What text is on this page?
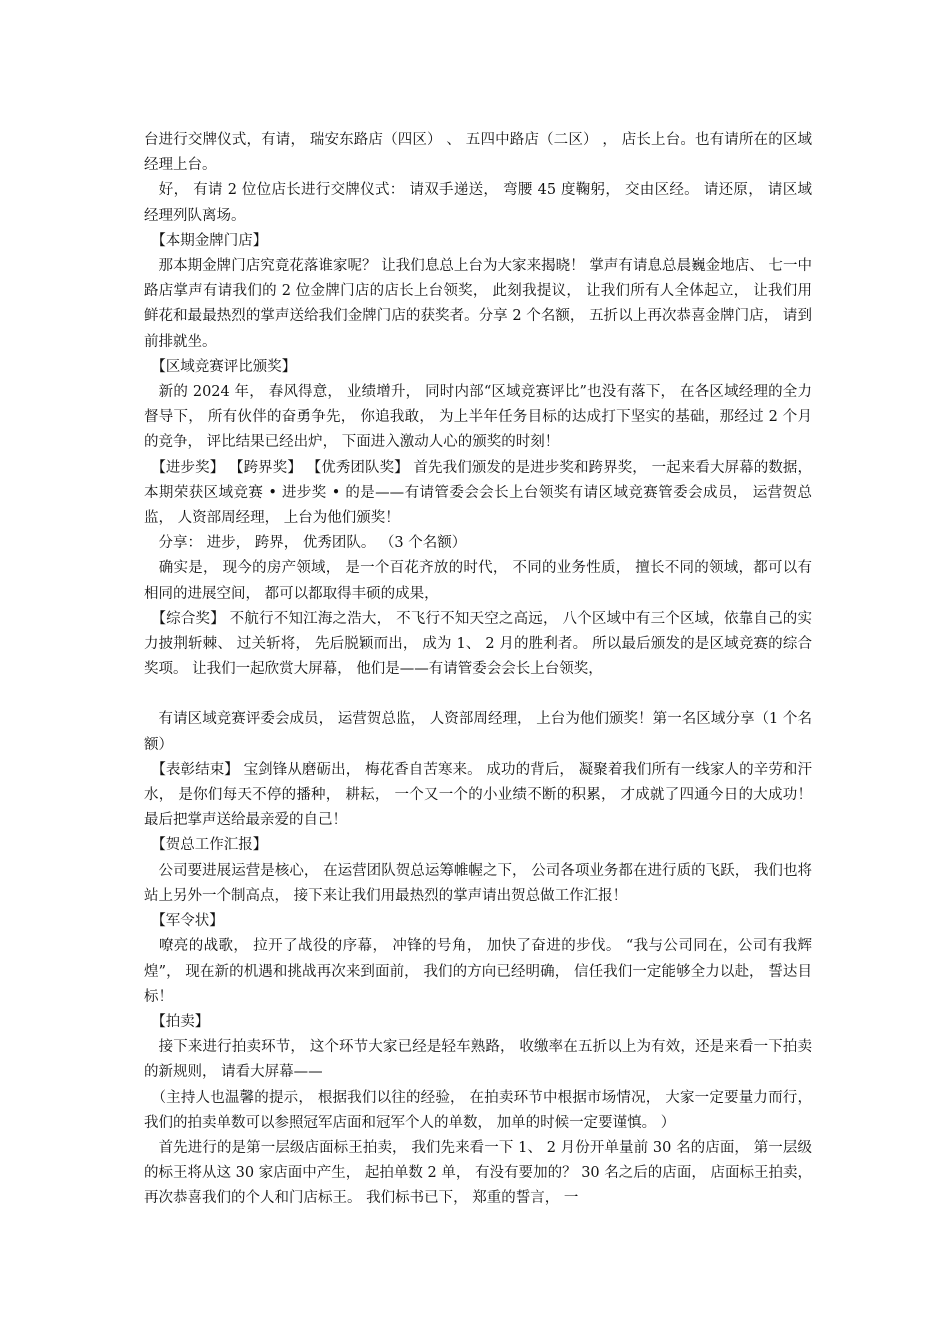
台进行交牌仪式，有请， 瑞安东路店（四区） 、 五四中路店（二区） ， 店长上台。也有请所在的区域经理上台。

　好， 有请 2 位位店长进行交牌仪式： 请双手递送， 弯腰 45 度鞠躬， 交由区经。 请还原， 请区域经理列队离场。

　【本期金牌门店】

　那本期金牌门店究竟花落谁家呢？ 让我们息总上台为大家来揭晓！ 掌声有请息总晨巍金地店、 七一中路店掌声有请我们的 2 位金牌门店的店长上台领奖， 此刻我提议， 让我们所有人全体起立， 让我们用鲜花和最最热烈的掌声送给我们金牌门店的获奖者。分享 2 个名额， 五折以上再次恭喜金牌门店， 请到前排就坐。

　【区域竞赛评比颁奖】

　新的 2024 年， 春风得意， 业绩增升， 同时内部“区域竞赛评比”也没有落下， 在各区域经理的全力督导下， 所有伙伴的奋勇争先， 你追我敢， 为上半年任务目标的达成打下坚实的基础，那经过 2 个月的竞争， 评比结果已经出炉， 下面进入激动人心的颁奖的时刻！

　【进步奖】 【跨界奖】 【优秀团队奖】 首先我们颁发的是进步奖和跨界奖， 一起来看大屏幕的数据，本期荣获区域竞赛 • 进步奖 • 的是——有请管委会会长上台领奖有请区域竞赛管委会成员， 运营贺总监， 人资部周经理， 上台为他们颁奖！

　分享： 进步， 跨界， 优秀团队。 （3 个名额）

　确实是， 现今的房产领域， 是一个百花齐放的时代， 不同的业务性质， 擅长不同的领域，都可以有相同的进展空间， 都可以都取得丰硕的成果，

　【综合奖】 不航行不知江海之浩大， 不飞行不知天空之高远， 八个区域中有三个区域，依靠自己的实力披荆斩棘、 过关斩将， 先后脱颖而出， 成为 1、 2 月的胜利者。 所以最后颁发的是区域竞赛的综合奖项。 让我们一起欣赏大屏幕， 他们是——有请管委会会长上台领奖，

　有请区域竞赛评委会成员， 运营贺总监， 人资部周经理， 上台为他们颁奖！第一名区域分享（1 个名额）

　【表彰结束】 宝剑锋从磨砺出， 梅花香自苦寒来。 成功的背后， 凝聚着我们所有一线家人的辛劳和汗水， 是你们每天不停的播种， 耕耘， 一个又一个的小业绩不断的积累， 才成就了四通今日的大成功！ 最后把掌声送给最亲爱的自己！

　【贺总工作汇报】

　公司要进展运营是核心， 在运营团队贺总运筹帷幄之下， 公司各项业务都在进行质的飞跃， 我们也将站上另外一个制高点， 接下来让我们用最热烈的掌声请出贺总做工作汇报！

　【军令状】

　嘹亮的战歌， 拉开了战役的序幕， 冲锋的号角， 加快了奋进的步伐。 “我与公司同在，公司有我辉煌”， 现在新的机遇和挑战再次来到面前， 我们的方向已经明确， 信任我们一定能够全力以赴， 誓达目标！

　【拍卖】

　接下来进行拍卖环节， 这个环节大家已经是轻车熟路， 收缴率在五折以上为有效，还是来看一下拍卖的新规则， 请看大屏幕——

　（主持人也温馨的提示， 根据我们以往的经验， 在拍卖环节中根据市场情况， 大家一定要量力而行， 我们的拍卖单数可以参照冠军店面和冠军个人的单数， 加单的时候一定要谨慎。 ）

　首先进行的是第一层级店面标王拍卖， 我们先来看一下 1、 2 月份开单量前 30 名的店面， 第一层级的标王将从这 30 家店面中产生， 起拍单数 2 单， 有没有要加的？ 30 名之后的店面， 店面标王拍卖，再次恭喜我们的个人和门店标王。 我们标书已下， 郑重的誓言， 一
